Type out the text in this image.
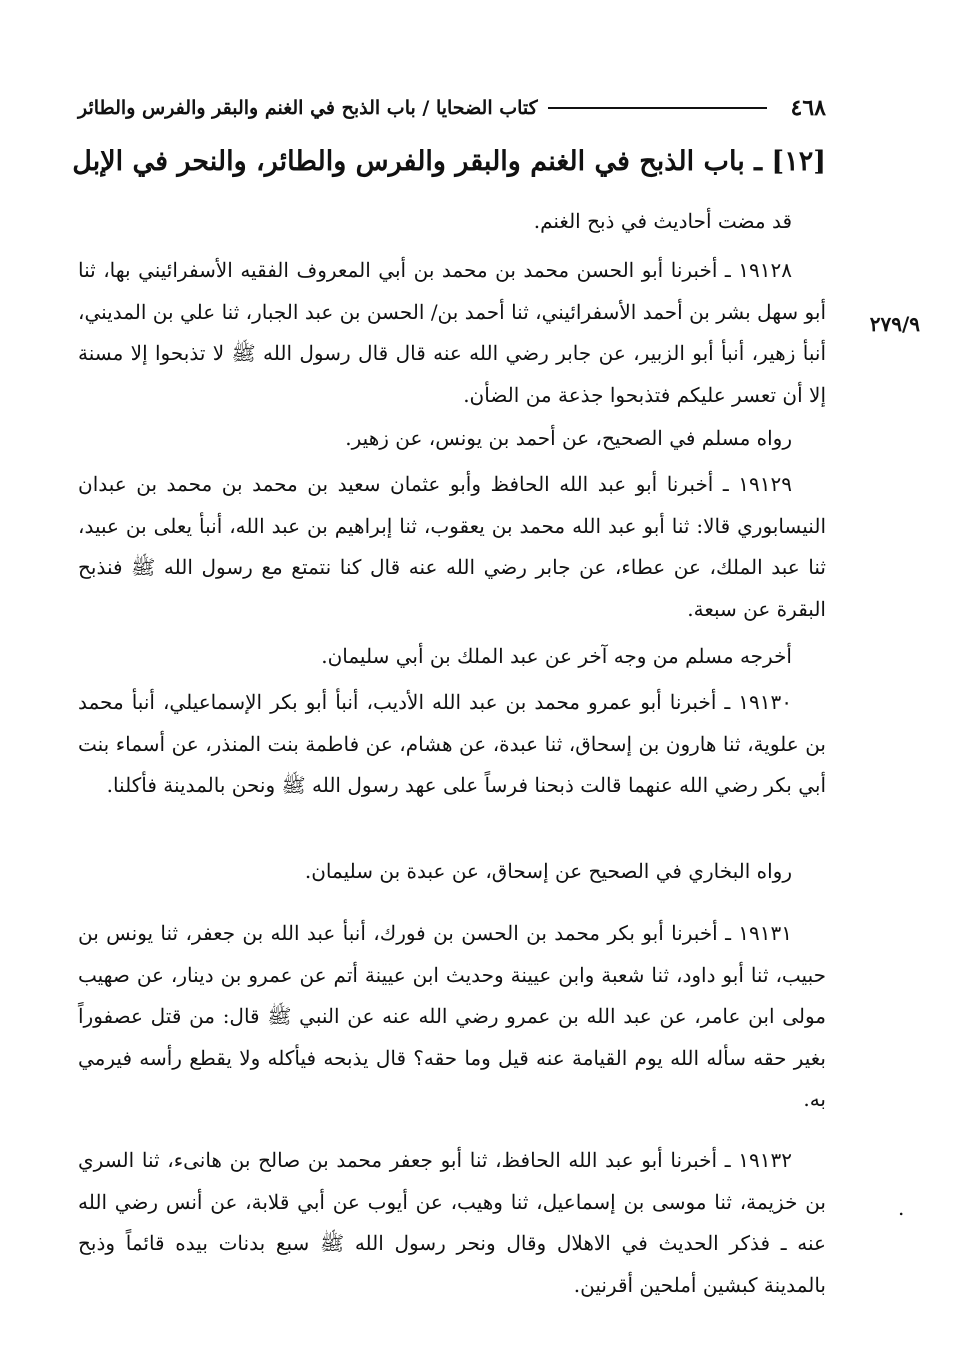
٤٦٨
كتاب الضحايا / باب الذبح في الغنم والبقر والفرس والطائر
[١٢] ـ باب الذبح في الغنم والبقر والفرس والطائر، والنحر في الإبل
٢٧٩/٩

قد مضت أحاديث في ذبح الغنم.

١٩١٢٨ ـ أخبرنا أبو الحسن محمد بن محمد بن أبي المعروف الفقيه الأسفرائيني بها، ثنا أبو سهل بشر بن أحمد الأسفرائيني، ثنا أحمد بن/ الحسن بن عبد الجبار، ثنا علي بن المديني، أنبأ زهير، أنبأ أبو الزبير، عن جابر رضي الله عنه قال قال رسول الله ﷺ لا تذبحوا إلا مسنة إلا أن تعسر عليكم فتذبحوا جذعة من الضأن.

رواه مسلم في الصحيح، عن أحمد بن يونس، عن زهير.

١٩١٢٩ ـ أخبرنا أبو عبد الله الحافظ وأبو عثمان سعيد بن محمد بن محمد بن عبدان النيسابوري قالا: ثنا أبو عبد الله محمد بن يعقوب، ثنا إبراهيم بن عبد الله، أنبأ يعلى بن عبيد، ثنا عبد الملك، عن عطاء، عن جابر رضي الله عنه قال كنا نتمتع مع رسول الله ﷺ فنذبح البقرة عن سبعة.

أخرجه مسلم من وجه آخر عن عبد الملك بن أبي سليمان.

١٩١٣٠ ـ أخبرنا أبو عمرو محمد بن عبد الله الأديب، أنبأ أبو بكر الإسماعيلي، أنبأ محمد بن علوية، ثنا هارون بن إسحاق، ثنا عبدة، عن هشام، عن فاطمة بنت المنذر، عن أسماء بنت أبي بكر رضي الله عنهما قالت ذبحنا فرساً على عهد رسول الله ﷺ ونحن بالمدينة فأكلنا.

رواه البخاري في الصحيح عن إسحاق، عن عبدة بن سليمان.

١٩١٣١ ـ أخبرنا أبو بكر محمد بن الحسن بن فورك، أنبأ عبد الله بن جعفر، ثنا يونس بن حبيب، ثنا أبو داود، ثنا شعبة وابن عيينة وحديث ابن عيينة أتم عن عمرو بن دينار، عن صهيب مولى ابن عامر، عن عبد الله بن عمرو رضي الله عنه عن النبي ﷺ قال: من قتل عصفوراً بغير حقه سأله الله يوم القيامة عنه قيل وما حقه؟ قال يذبحه فيأكله ولا يقطع رأسه فيرمي به.

١٩١٣٢ ـ أخبرنا أبو عبد الله الحافظ، ثنا أبو جعفر محمد بن صالح بن هانىء، ثنا السري بن خزيمة، ثنا موسى بن إسماعيل، ثنا وهيب، عن أيوب عن أبي قلابة، عن أنس رضي الله عنه ـ فذكر الحديث في الاهلال وقال ونحر رسول الله ﷺ سبع بدنات بيده قائماً وذبح بالمدينة كبشين أملحين أقرنين.

.
